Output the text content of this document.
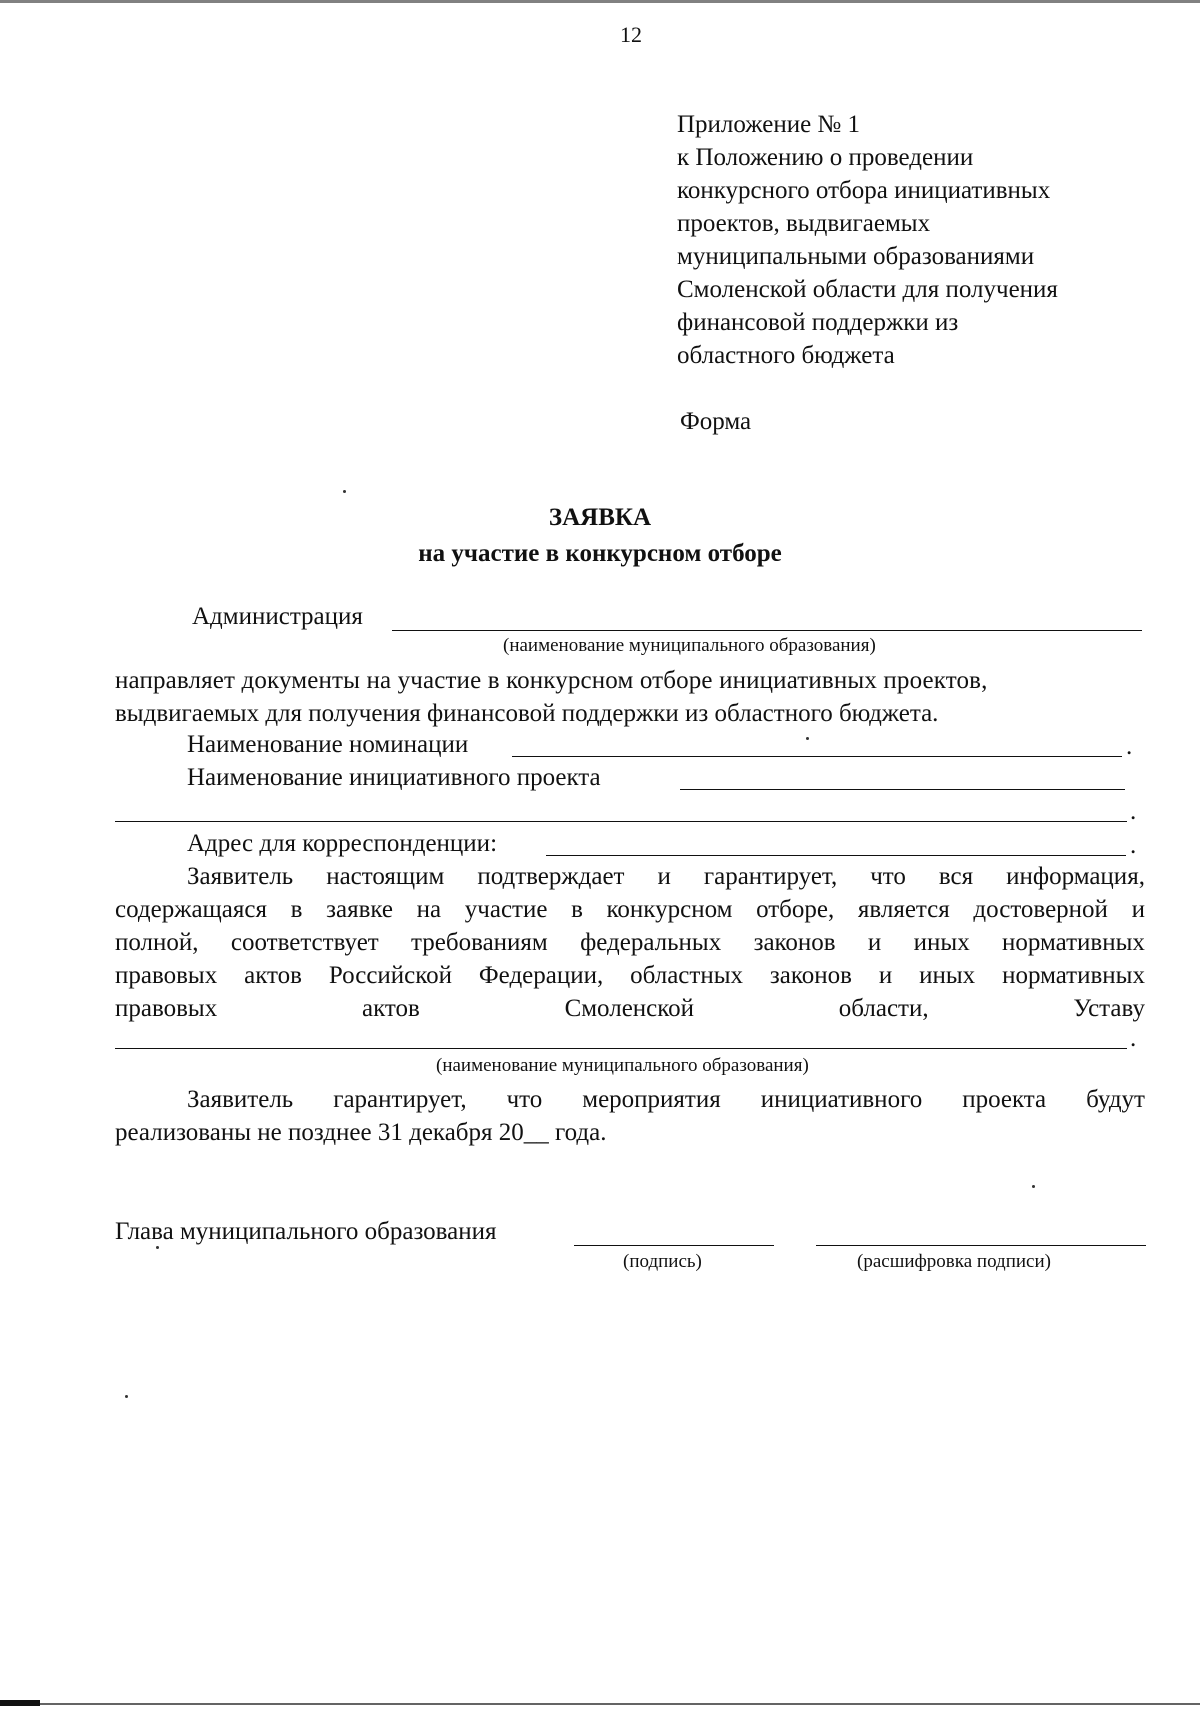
12
Приложение № 1
к Положению о проведении
конкурсного отбора инициативных
проектов, выдвигаемых
муниципальными образованиями
Смоленской области для получения
финансовой поддержки из
областного бюджета
Форма
ЗАЯВКА
на участие в конкурсном отборе
Администрация
(наименование муниципального образования)
направляет документы на участие в конкурсном отборе инициативных проектов,
выдвигаемых для получения финансовой поддержки из областного бюджета.
Наименование номинации	.
Наименование инициативного проекта
.
Адрес для корреспонденции:	.
Заявитель настоящим подтверждает и гарантирует, что вся информация,
содержащаяся в заявке на участие в конкурсном отборе, является достоверной и
полной, соответствует требованиям федеральных законов и иных нормативных
правовых актов Российской Федерации, областных законов и иных нормативных
правовых	актов	Смоленской	области,	Уставу
.
(наименование муниципального образования)
Заявитель гарантирует, что мероприятия инициативного проекта будут
реализованы не позднее 31 декабря 20__ года.
Глава муниципального образования
(подпись)	(расшифровка подписи)
